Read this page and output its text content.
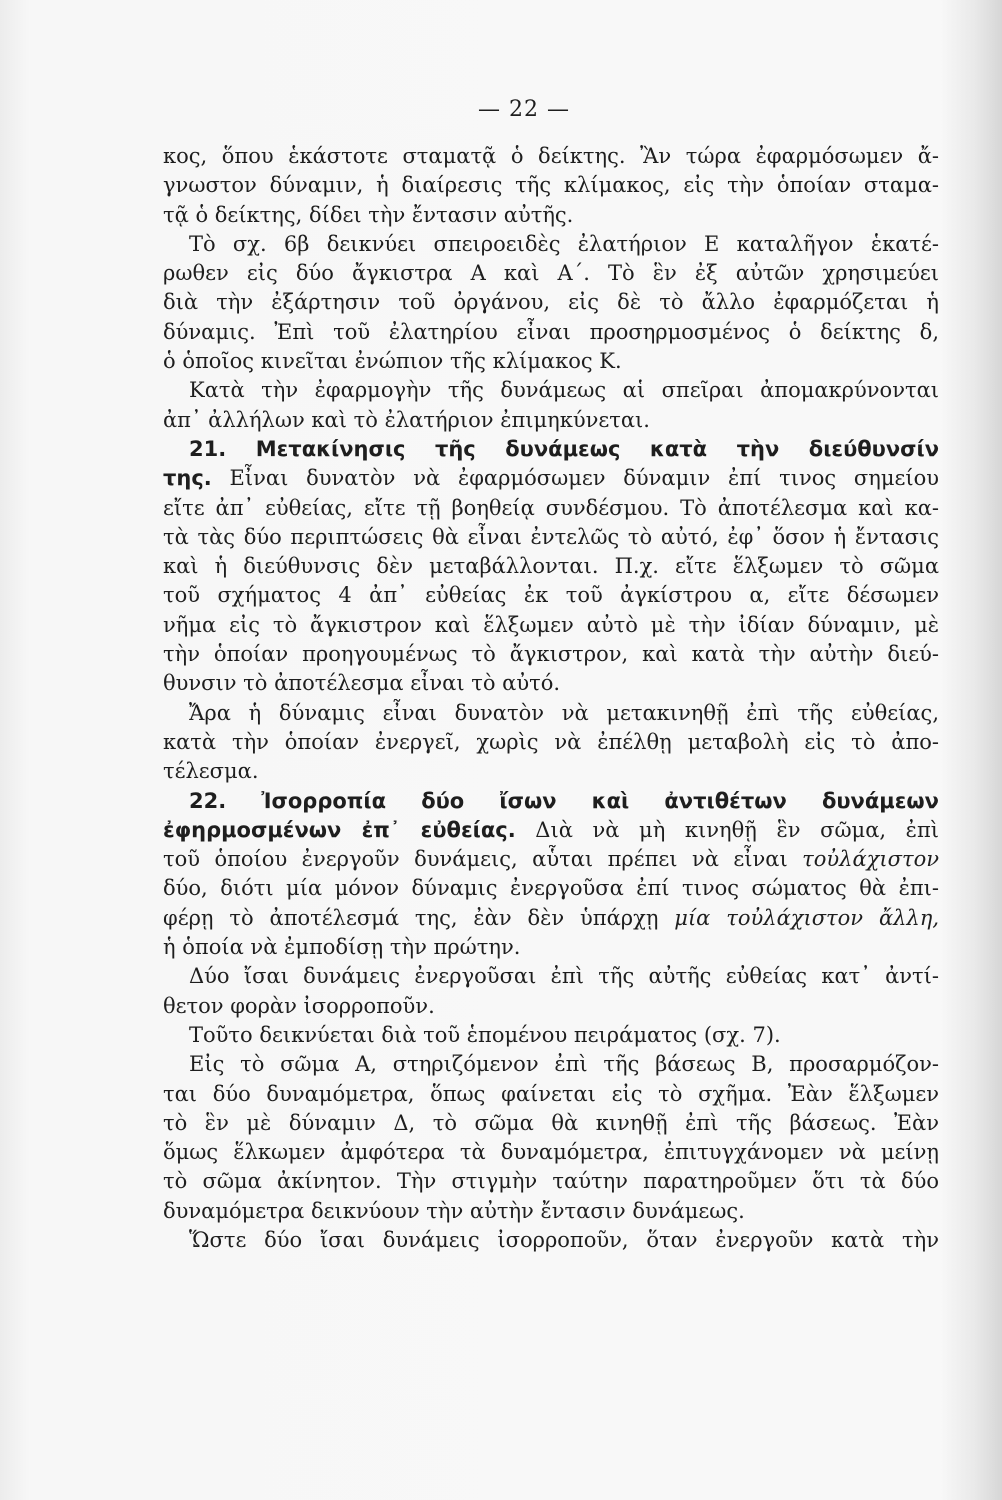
— 22 —
κος, ὅπου ἑκάστοτε σταματᾷ ὁ δείκτης. Ἂν τώρα ἐφαρμόσωμεν ἄ-
γνωστον δύναμιν, ἡ διαίρεσις τῆς κλίμακος, εἰς τὴν ὁποίαν σταμα-
τᾷ ὁ δείκτης, δίδει τὴν ἔντασιν αὐτῆς.
Τὸ σχ. 6β δεικνύει σπειροειδὲς ἐλατήριον Ε καταλῆγον ἑκατέ-
ρωθεν εἰς δύο ἄγκιστρα Α καὶ Α΄. Τὸ ἓν ἐξ αὐτῶν χρησιμεύει
διὰ τὴν ἐξάρτησιν τοῦ ὀργάνου, εἰς δὲ τὸ ἄλλο ἐφαρμόζεται ἡ
δύναμις. Ἐπὶ τοῦ ἐλατηρίου εἶναι προσηρμοσμένος ὁ δείκτης δ,
ὁ ὁποῖος κινεῖται ἐνώπιον τῆς κλίμακος Κ.
Κατὰ τὴν ἐφαρμογὴν τῆς δυνάμεως αἱ σπεῖραι ἀπομακρύνονται
ἀπ᾽ ἀλλήλων καὶ τὸ ἐλατήριον ἐπιμηκύνεται.
21. Μετακίνησις τῆς δυνάμεως κατὰ τὴν διεύθυνσίν
της. Εἶναι δυνατὸν νὰ ἐφαρμόσωμεν δύναμιν ἐπί τινος σημείου
εἴτε ἀπ᾽ εὐθείας, εἴτε τῇ βοηθείᾳ συνδέσμου. Τὸ ἀποτέλεσμα καὶ κα-
τὰ τὰς δύο περιπτώσεις θὰ εἶναι ἐντελῶς τὸ αὐτό, ἐφ᾽ ὅσον ἡ ἔντασις
καὶ ἡ διεύθυνσις δὲν μεταβάλλονται. Π.χ. εἴτε ἕλξωμεν τὸ σῶμα
τοῦ σχήματος 4 ἀπ᾽ εὐθείας ἐκ τοῦ ἀγκίστρου α, εἴτε δέσωμεν
νῆμα εἰς τὸ ἄγκιστρον καὶ ἕλξωμεν αὐτὸ μὲ τὴν ἰδίαν δύναμιν, μὲ
τὴν ὁποίαν προηγουμένως τὸ ἄγκιστρον, καὶ κατὰ τὴν αὐτὴν διεύ-
θυνσιν τὸ ἀποτέλεσμα εἶναι τὸ αὐτό.
Ἄρα ἡ δύναμις εἶναι δυνατὸν νὰ μετακινηθῇ ἐπὶ τῆς εὐθείας,
κατὰ τὴν ὁποίαν ἐνεργεῖ, χωρὶς νὰ ἐπέλθῃ μεταβολὴ εἰς τὸ ἀπο-
τέλεσμα.
22. Ἰσορροπία δύο ἴσων καὶ ἀντιθέτων δυνάμεων
ἐφηρμοσμένων ἐπ᾽ εὐθείας. Διὰ νὰ μὴ κινηθῇ ἓν σῶμα, ἐπὶ
τοῦ ὁποίου ἐνεργοῦν δυνάμεις, αὗται πρέπει νὰ εἶναι τοὐλάχιστον
δύο, διότι μία μόνον δύναμις ἐνεργοῦσα ἐπί τινος σώματος θὰ ἐπι-
φέρῃ τὸ ἀποτέλεσμά της, ἐὰν δὲν ὑπάρχῃ μία τοὐλάχιστον ἄλλη,
ἡ ὁποία νὰ ἐμποδίσῃ τὴν πρώτην.
Δύο ἴσαι δυνάμεις ἐνεργοῦσαι ἐπὶ τῆς αὐτῆς εὐθείας κατ᾽ ἀντί-
θετον φορὰν ἰσορροποῦν.
Τοῦτο δεικνύεται διὰ τοῦ ἑπομένου πειράματος (σχ. 7).
Εἰς τὸ σῶμα Α, στηριζόμενον ἐπὶ τῆς βάσεως Β, προσαρμόζον-
ται δύο δυναμόμετρα, ὅπως φαίνεται εἰς τὸ σχῆμα. Ἐὰν ἕλξωμεν
τὸ ἓν μὲ δύναμιν Δ, τὸ σῶμα θὰ κινηθῇ ἐπὶ τῆς βάσεως. Ἐὰν
ὅμως ἕλκωμεν ἀμφότερα τὰ δυναμόμετρα, ἐπιτυγχάνομεν νὰ μείνῃ
τὸ σῶμα ἀκίνητον. Τὴν στιγμὴν ταύτην παρατηροῦμεν ὅτι τὰ δύο
δυναμόμετρα δεικνύουν τὴν αὐτὴν ἔντασιν δυνάμεως.
Ὥστε δύο ἴσαι δυνάμεις ἰσορροποῦν, ὅταν ἐνεργοῦν κατὰ τὴν
